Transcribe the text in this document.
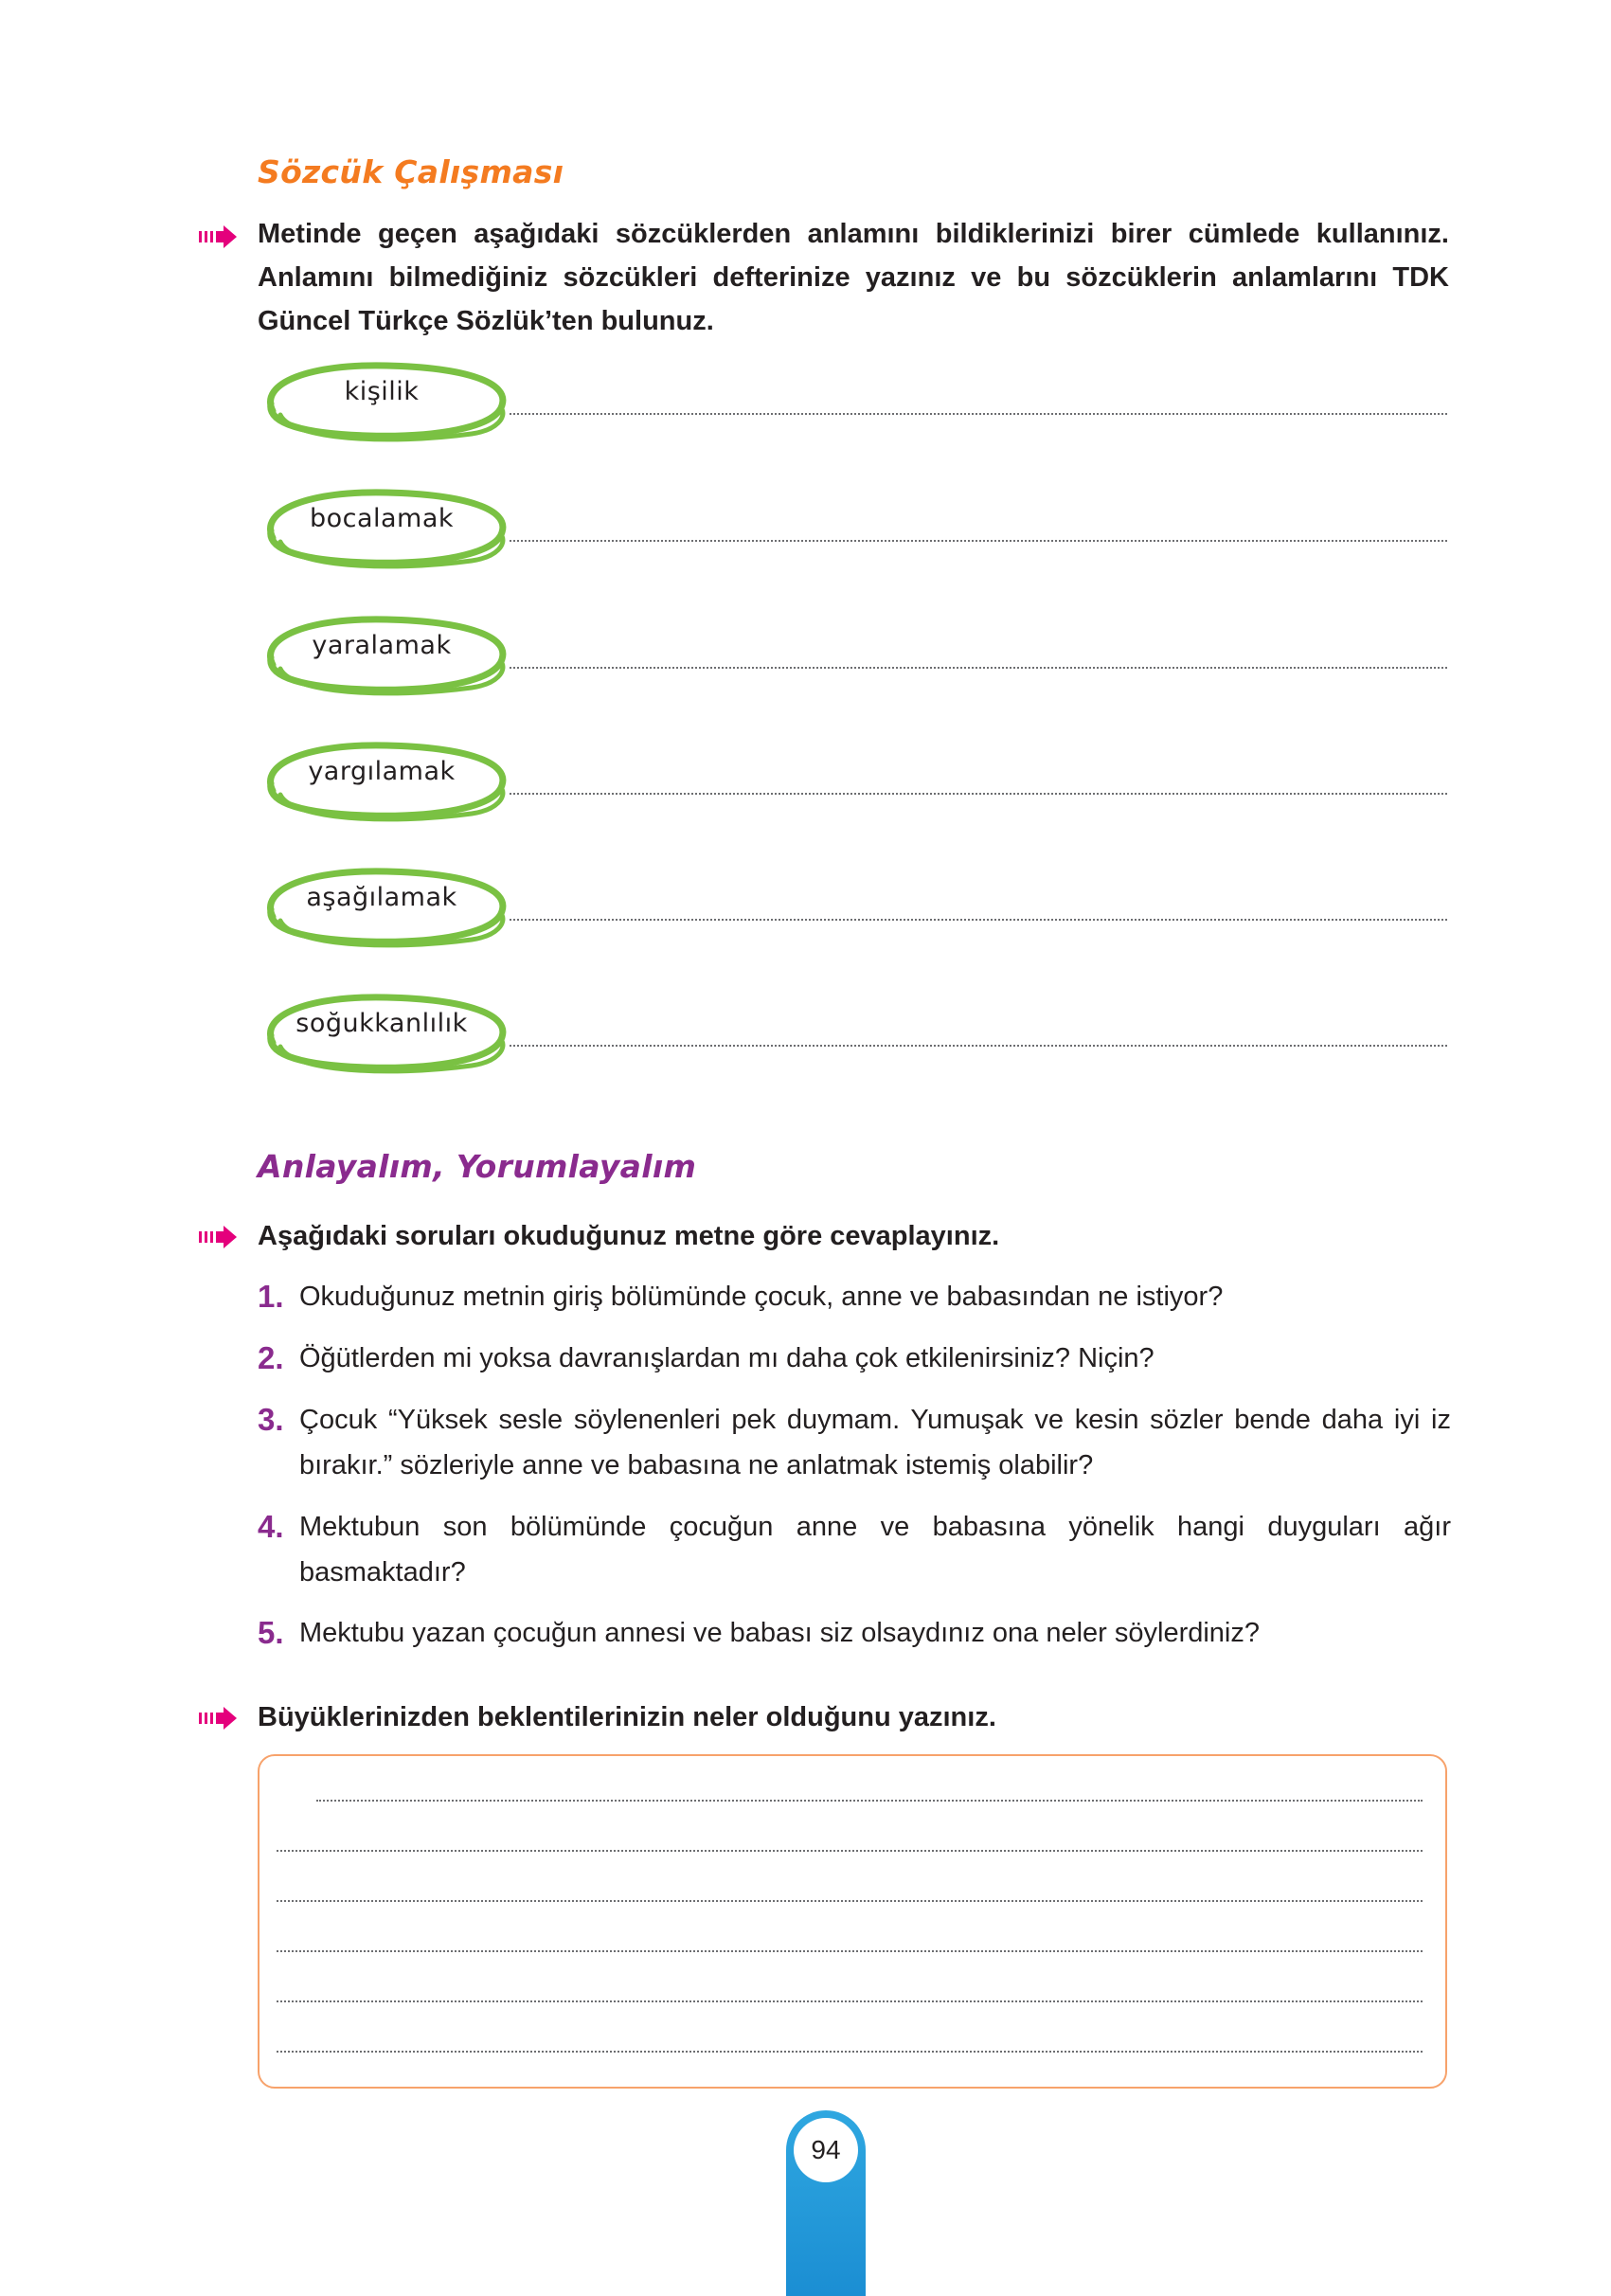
Sözcük Çalışması
Metinde geçen aşağıdaki sözcüklerden anlamını bildiklerinizi birer cümlede kullanınız. Anlamını bilmediğiniz sözcükleri defterinize yazınız ve bu sözcüklerin anlamlarını TDK Güncel Türkçe Sözlük’ten bulunuz.
kişilik
bocalamak
yaralamak
yargılamak
aşağılamak
soğukkanlılık
Anlayalım, Yorumlayalım
Aşağıdaki soruları okuduğunuz metne göre cevaplayınız.
1. Okuduğunuz metnin giriş bölümünde çocuk, anne ve babasından ne istiyor?
2. Öğütlerden mi yoksa davranışlardan mı daha çok etkilenirsiniz? Niçin?
3. Çocuk “Yüksek sesle söylenenleri pek duymam. Yumuşak ve kesin sözler bende daha iyi iz bırakır.” sözleriyle anne ve babasına ne anlatmak istemiş olabilir?
4. Mektubun son bölümünde çocuğun anne ve babasına yönelik hangi duyguları ağır basmaktadır?
5. Mektubu yazan çocuğun annesi ve babası siz olsaydınız ona neler söylerdiniz?
Büyüklerinizden beklentilerinizin neler olduğunu yazınız.
94
